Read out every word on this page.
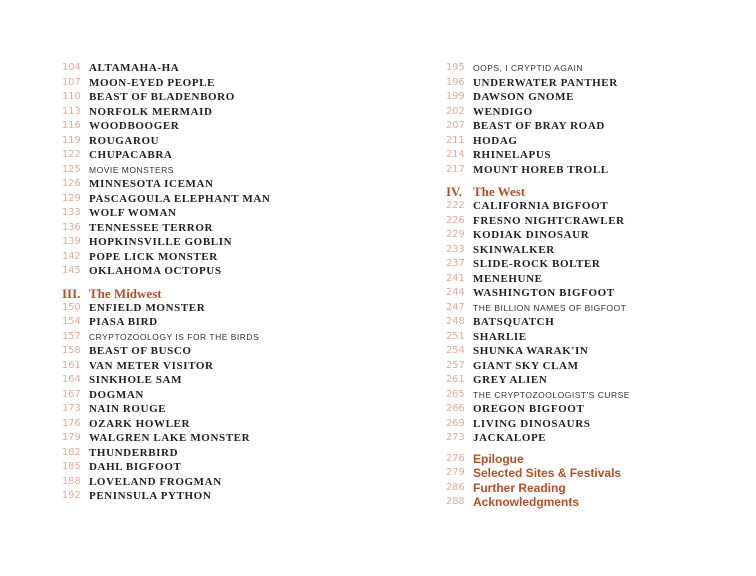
104 ALTAMAHA-HA
107 MOON-EYED PEOPLE
110 BEAST OF BLADENBORO
113 NORFOLK MERMAID
116 WOODBOOGER
119 ROUGAROU
122 CHUPACABRA
125 MOVIE MONSTERS
126 MINNESOTA ICEMAN
129 PASCAGOULA ELEPHANT MAN
133 WOLF WOMAN
136 TENNESSEE TERROR
139 HOPKINSVILLE GOBLIN
142 POPE LICK MONSTER
145 OKLAHOMA OCTOPUS
III. The Midwest
150 ENFIELD MONSTER
154 PIASA BIRD
157 CRYPTOZOOLOGY IS FOR THE BIRDS
158 BEAST OF BUSCO
161 VAN METER VISITOR
164 SINKHOLE SAM
167 DOGMAN
173 NAIN ROUGE
176 OZARK HOWLER
179 WALGREN LAKE MONSTER
182 THUNDERBIRD
185 DAHL BIGFOOT
188 LOVELAND FROGMAN
192 PENINSULA PYTHON
195 OOPS, I CRYPTID AGAIN
196 UNDERWATER PANTHER
199 DAWSON GNOME
202 WENDIGO
207 BEAST OF BRAY ROAD
211 HODAG
214 RHINELAPUS
217 MOUNT HOREB TROLL
IV. The West
222 CALIFORNIA BIGFOOT
226 FRESNO NIGHTCRAWLER
229 KODIAK DINOSAUR
233 SKINWALKER
237 SLIDE-ROCK BOLTER
241 MENEHUNE
244 WASHINGTON BIGFOOT
247 THE BILLION NAMES OF BIGFOOT
248 BATSQUATCH
251 SHARLIE
254 SHUNKA WARAK'IN
257 GIANT SKY CLAM
261 GREY ALIEN
265 THE CRYPTOZOOLOGIST'S CURSE
266 OREGON BIGFOOT
269 LIVING DINOSAURS
273 JACKALOPE
276 Epilogue
279 Selected Sites & Festivals
286 Further Reading
288 Acknowledgments
